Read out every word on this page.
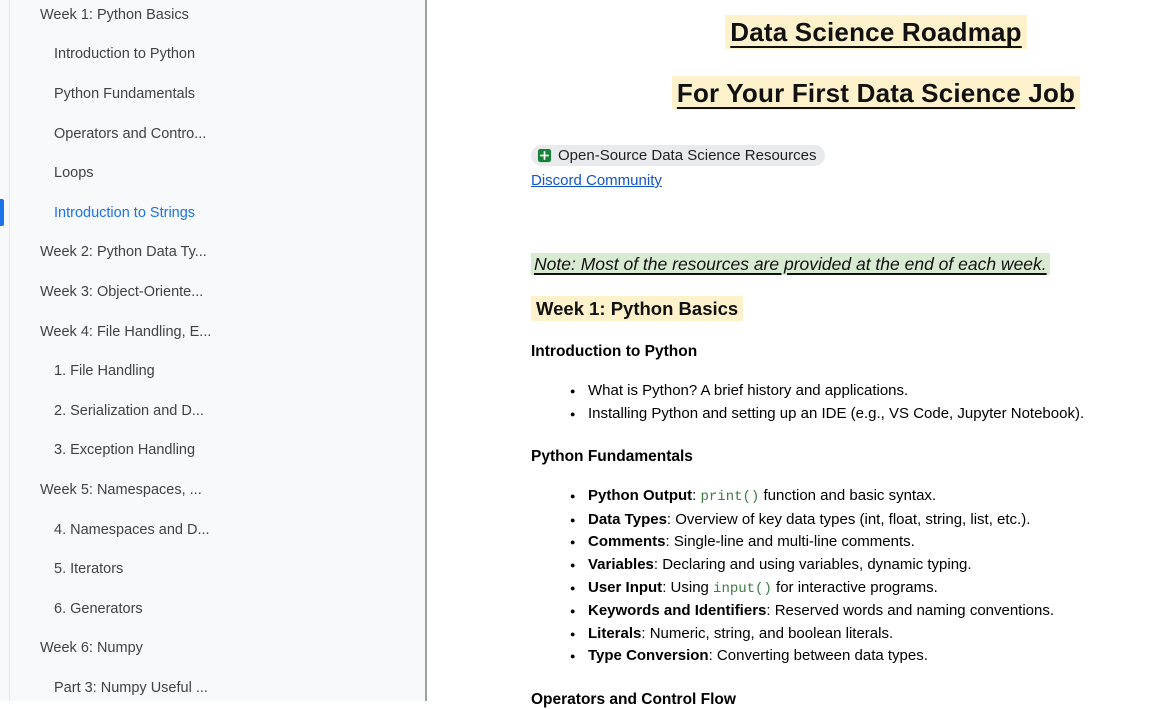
Week 1: Python Basics
Introduction to Python
Python Fundamentals
Operators and Contro...
Loops
Introduction to Strings
Week 2: Python Data Ty...
Week 3: Object-Oriente...
Week 4: File Handling, E...
1. File Handling
2. Serialization and D...
3. Exception Handling
Week 5: Namespaces, ...
4. Namespaces and D...
5. Iterators
6. Generators
Week 6: Numpy
Part 3: Numpy Useful ...
Data Science Roadmap
For Your First Data Science Job
Open-Source Data Science Resources
Discord Community
Note: Most of the resources are provided at the end of each week.
Week 1: Python Basics
Introduction to Python
● What is Python? A brief history and applications.
● Installing Python and setting up an IDE (e.g., VS Code, Jupyter Notebook).
Python Fundamentals
● Python Output: print() function and basic syntax.
● Data Types: Overview of key data types (int, float, string, list, etc.).
● Comments: Single-line and multi-line comments.
● Variables: Declaring and using variables, dynamic typing.
● User Input: Using input() for interactive programs.
● Keywords and Identifiers: Reserved words and naming conventions.
● Literals: Numeric, string, and boolean literals.
● Type Conversion: Converting between data types.
Operators and Control Flow
